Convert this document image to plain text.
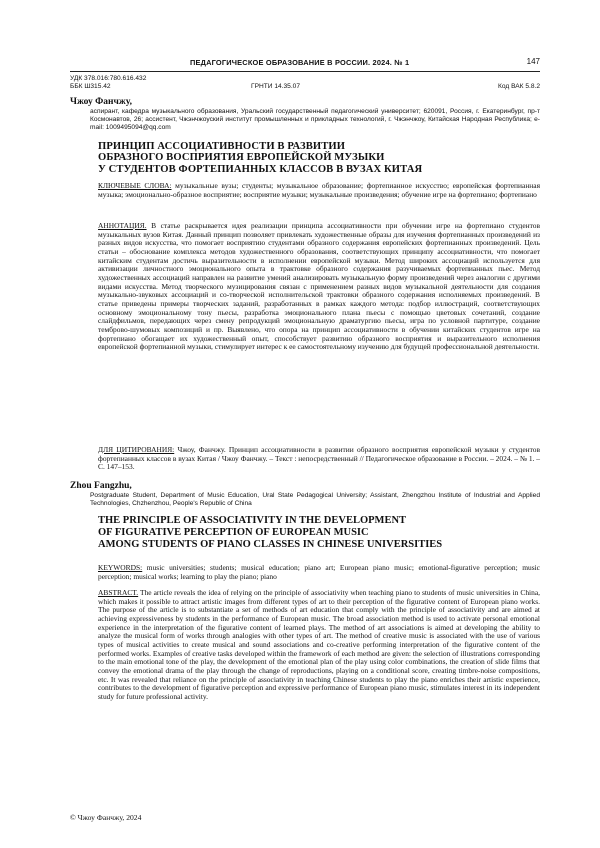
ПЕДАГОГИЧЕСКОЕ ОБРАЗОВАНИЕ В РОССИИ. 2024. № 1	147
УДК 378.016:780.616.432
ББК Ш315.42	ГРНТИ 14.35.07	Код ВАК 5.8.2
Чжоу Фанчжу,
аспирант, кафедра музыкального образования, Уральский государственный педагогический университет; 620091, Россия, г. Екатеринбург, пр-т Космонавтов, 26; ассистент, Чжэнчжоуский институт промышленных и прикладных технологий, г. Чжэнчжоу, Китайская Народная Республика; e-mail: 1009495094@qq.com
ПРИНЦИП АССОЦИАТИВНОСТИ В РАЗВИТИИ
ОБРАЗНОГО ВОСПРИЯТИЯ ЕВРОПЕЙСКОЙ МУЗЫКИ
У СТУДЕНТОВ ФОРТЕПИАННЫХ КЛАССОВ В ВУЗАХ КИТАЯ
КЛЮЧЕВЫЕ СЛОВА: музыкальные вузы; студенты; музыкальное образование; фортепианное искусство; европейская фортепианная музыка; эмоционально-образное восприятие; восприятие музыки; музыкальные произведения; обучение игре на фортепиано; фортепиано
АННОТАЦИЯ. В статье раскрывается идея реализации принципа ассоциативности при обучении игре на фортепиано студентов музыкальных вузов Китая. Данный принцип позволяет привлекать художественные образы для изучения фортепианных произведений из разных видов искусства, что помогает восприятию студентами образного содержания европейских фортепианных произведений. Цель статьи – обоснование комплекса методов художественного образования, соответствующих принципу ассоциативности, что помогает китайским студентам достичь выразительности в исполнении европейской музыки. Метод широких ассоциаций используется для активизации личностного эмоционального опыта в трактовке образного содержания разучиваемых фортепианных пьес. Метод художественных ассоциаций направлен на развитие умений анализировать музыкальную форму произведений через аналогии с другими видами искусства. Метод творческого музицирования связан с применением разных видов музыкальной деятельности для создания музыкально-звуковых ассоциаций и со-творческой исполнительской трактовки образного содержания исполняемых произведений. В статье приведены примеры творческих заданий, разработанных в рамках каждого метода: подбор иллюстраций, соответствующих основному эмоциональному тону пьесы, разработка эмоционального плана пьесы с помощью цветовых сочетаний, создание слайдфильмов, передающих через смену репродукций эмоциональную драматургию пьесы, игра по условной партитуре, создание темброво-шумовых композиций и пр. Выявлено, что опора на принцип ассоциативности в обучении китайских студентов игре на фортепиано обогащает их художественный опыт, способствует развитию образного восприятия и выразительного исполнения европейской фортепианной музыки, стимулирует интерес к ее самостоятельному изучению для будущей профессиональной деятельности.
ДЛЯ ЦИТИРОВАНИЯ: Чжоу, Фанчжу. Принцип ассоциативности в развитии образного восприятия европейской музыки у студентов фортепианных классов в вузах Китая / Чжоу Фанчжу. – Текст : непосредственный // Педагогическое образование в России. – 2024. – № 1. – С. 147–153.
Zhou Fangzhu,
Postgraduate Student, Department of Music Education, Ural State Pedagogical University; Assistant, Zhengzhou Institute of Industrial and Applied Technologies, Chzhenzhou, People's Republic of China
THE PRINCIPLE OF ASSOCIATIVITY IN THE DEVELOPMENT
OF FIGURATIVE PERCEPTION OF EUROPEAN MUSIC
AMONG STUDENTS OF PIANO CLASSES IN CHINESE UNIVERSITIES
KEYWORDS: music universities; students; musical education; piano art; European piano music; emotional-figurative perception; music perception; musical works; learning to play the piano; piano
ABSTRACT. The article reveals the idea of relying on the principle of associativity when teaching piano to students of music universities in China, which makes it possible to attract artistic images from different types of art to their perception of the figurative content of European piano works. The purpose of the article is to substantiate a set of methods of art education that comply with the principle of associativity and are aimed at achieving expressiveness by students in the performance of European music. The broad association method is used to activate personal emotional experience in the interpretation of the figurative content of learned plays. The method of art associations is aimed at developing the ability to analyze the musical form of works through analogies with other types of art. The method of creative music is associated with the use of various types of musical activities to create musical and sound associations and co-creative performing interpretation of the figurative content of the performed works. Examples of creative tasks developed within the framework of each method are given: the selection of illustrations corresponding to the main emotional tone of the play, the development of the emotional plan of the play using color combinations, the creation of slide films that convey the emotional drama of the play through the change of reproductions, playing on a conditional score, creating timbre-noise compositions, etc. It was revealed that reliance on the principle of associativity in teaching Chinese students to play the piano enriches their artistic experience, contributes to the development of figurative perception and expressive performance of European piano music, stimulates interest in its independent study for future professional activity.
© Чжоу Фанчжу, 2024
